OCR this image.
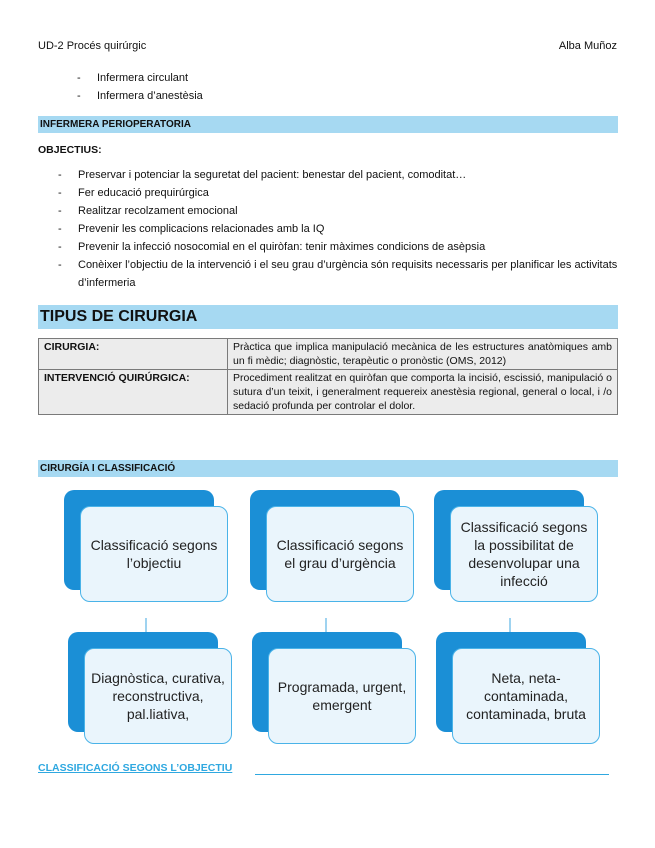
UD-2 Procés quirúrgic	Alba Muñoz
- Infermera circulant
- Infermera d’anestèsia
INFERMERA PERIOPERATORIA
OBJECTIUS:
- Preservar i potenciar la seguretat del pacient: benestar del pacient, comoditat…
- Fer educació prequirúrgica
- Realitzar recolzament emocional
- Prevenir les complicacions relacionades amb la IQ
- Prevenir la infecció nosocomial en el quiròfan: tenir màximes condicions de asèpsia
- Conèixer l’objectiu de la intervenció i el seu grau d’urgència són requisits necessaris per planificar les activitats d’infermeria
TIPUS DE CIRURGIA
CIRURGIA:	Pràctica que implica manipulació mecànica de les estructures anatòmiques amb un fi mèdic; diagnòstic, terapèutic o pronòstic (OMS, 2012)
INTERVENCIÓ QUIRÚRGICA:	Procediment realitzat en quiròfan que comporta la incisió, escissió, manipulació o sutura d’un teixit, i generalment requereix anestèsia regional, general o local, i /o sedació profunda per controlar el dolor.
CIRURGÍA I CLASSIFICACIÓ
Classificació segons l’objectiu
Classificació segons el grau d’urgència
Classificació segons la possibilitat de desenvolupar una infecció
Diagnòstica, curativa, reconstructiva, pal.liativa,
Programada, urgent, emergent
Neta, neta-contaminada, contaminada, bruta
CLASSIFICACIÓ SEGONS L’OBJECTIU
